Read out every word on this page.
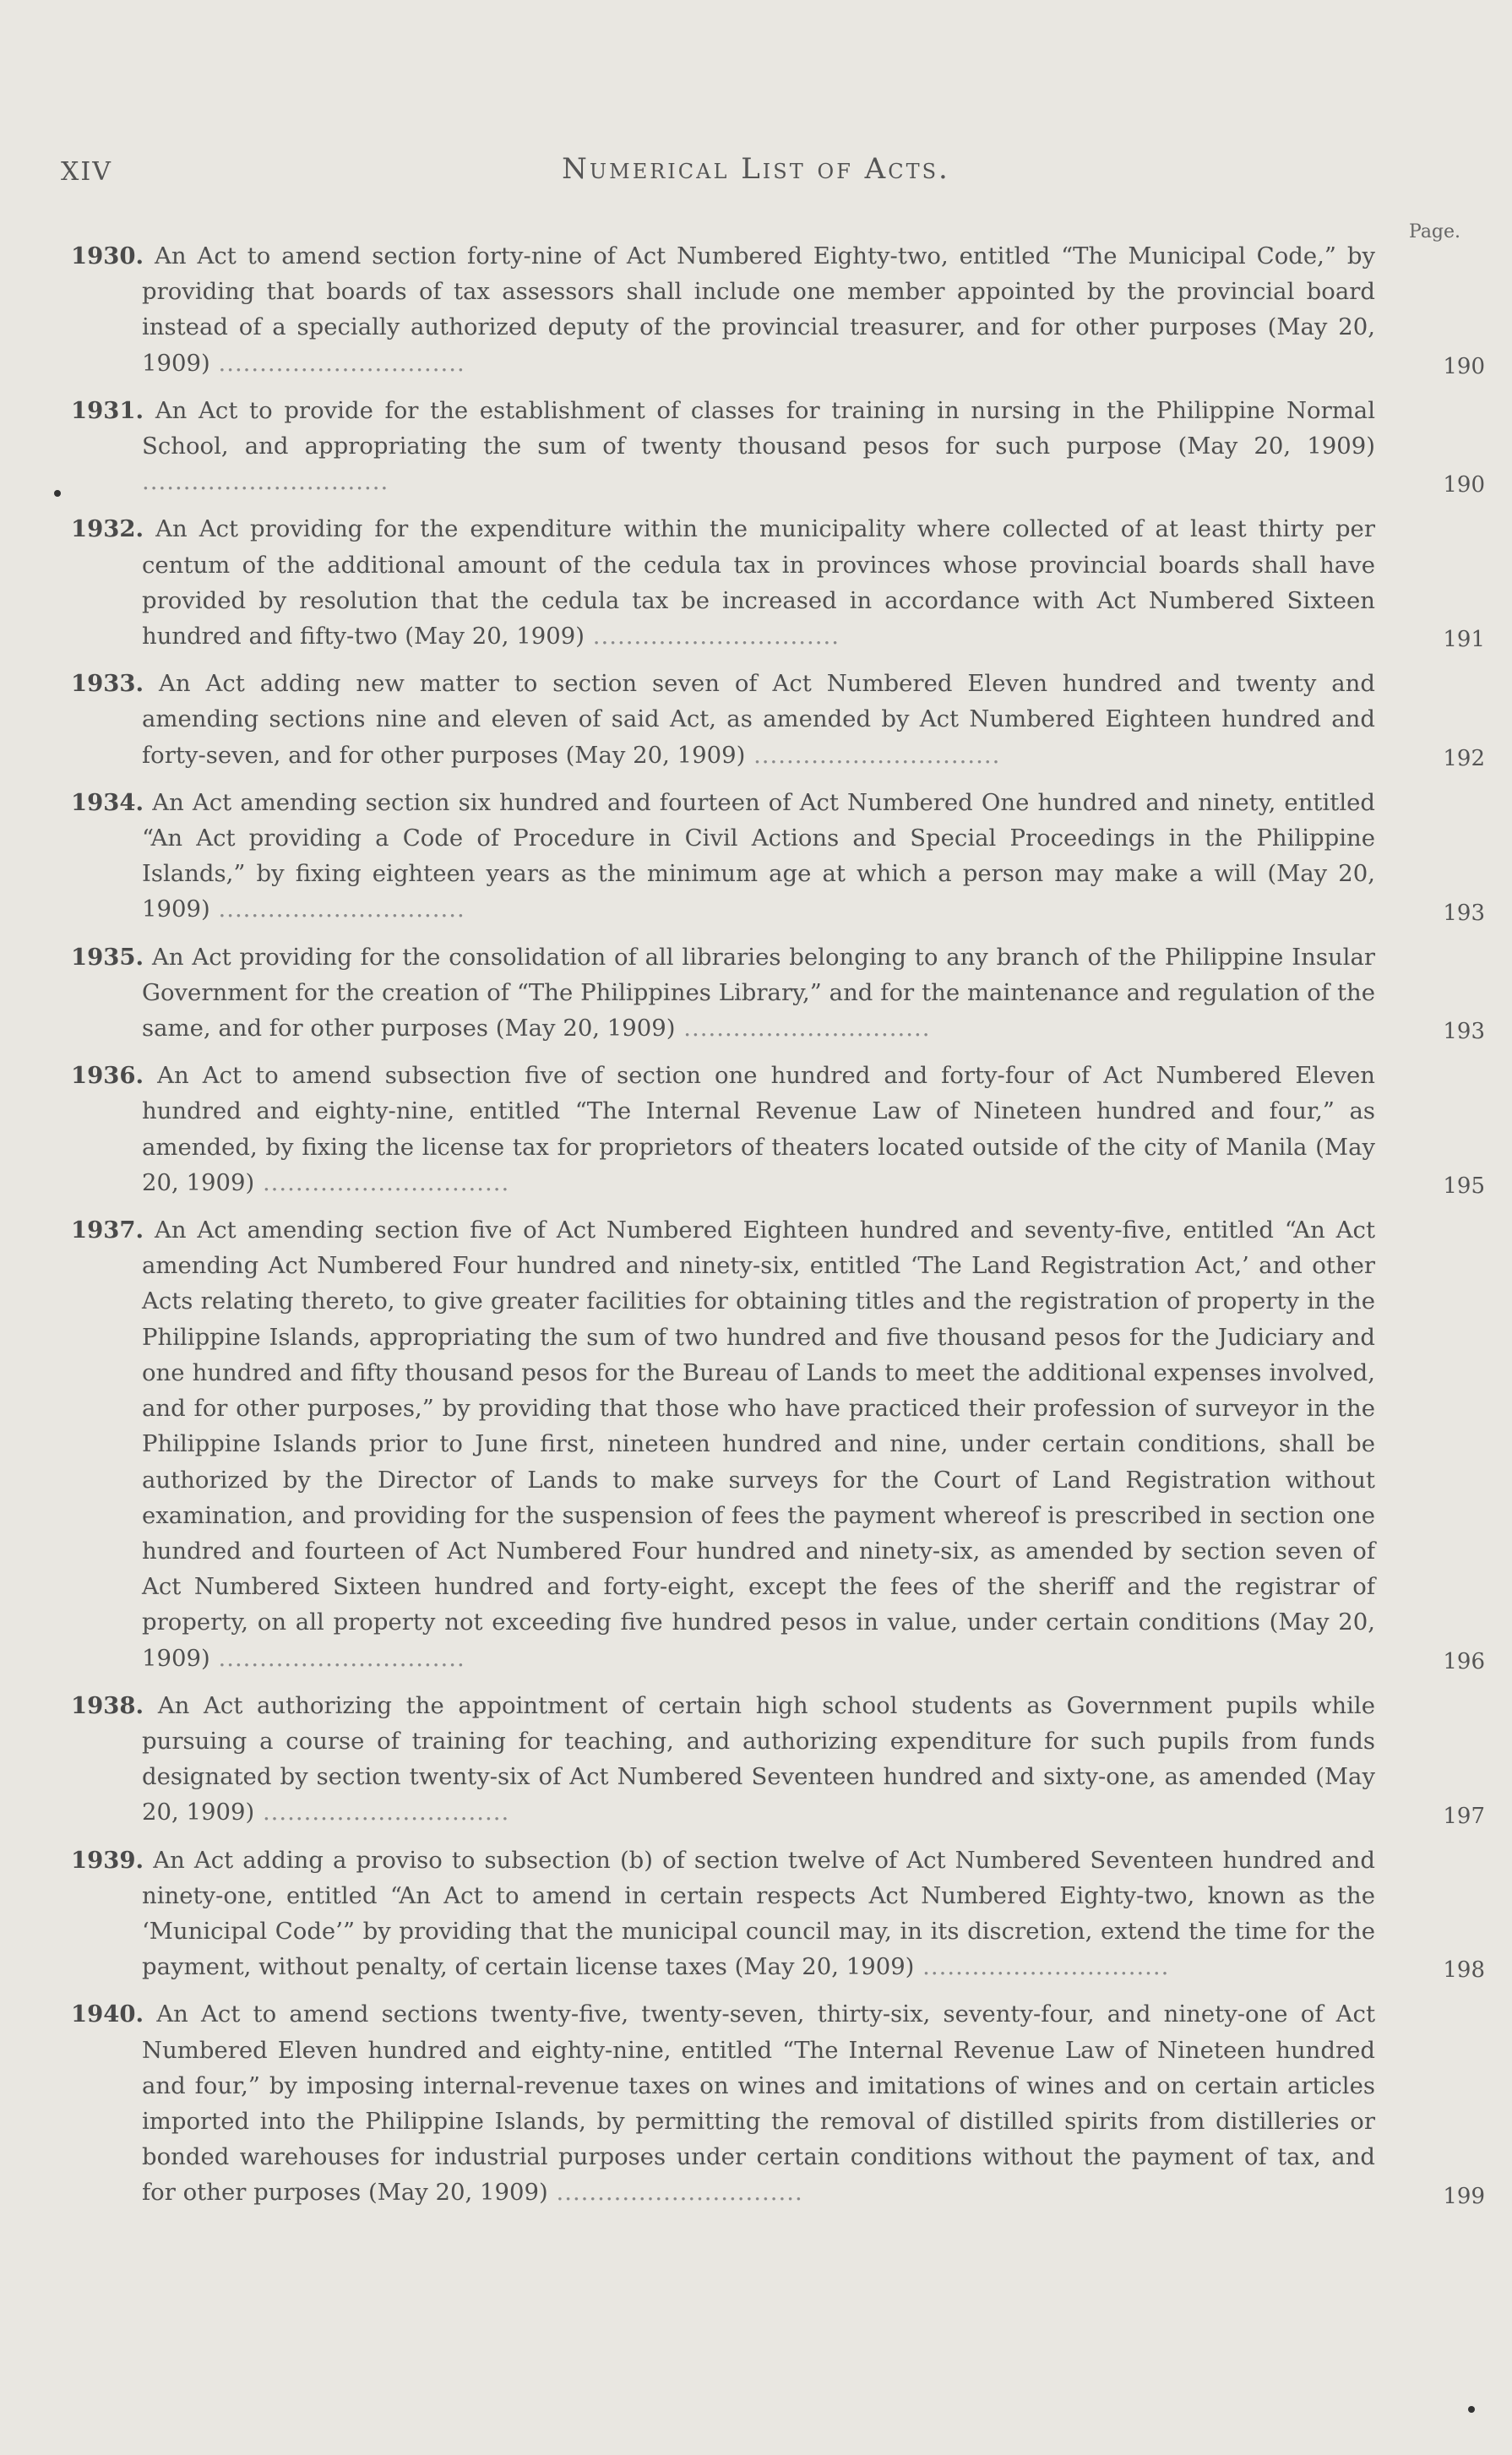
XIV	Numerical List of Acts.
Page.
1930. An Act to amend section forty-nine of Act Numbered Eighty-two, entitled “The Municipal Code,” by providing that boards of tax assessors shall include one member appointed by the provincial board instead of a specially authorized deputy of the provincial treasurer, and for other purposes (May 20, 1909) ..............................	190
1931. An Act to provide for the establishment of classes for training in nursing in the Philippine Normal School, and appropriating the sum of twenty thousand pesos for such purpose (May 20, 1909) ..............................	190
1932. An Act providing for the expenditure within the municipality where collected of at least thirty per centum of the additional amount of the cedula tax in provinces whose provincial boards shall have provided by resolution that the cedula tax be increased in accordance with Act Numbered Sixteen hundred and fifty-two (May 20, 1909) ..............................	191
1933. An Act adding new matter to section seven of Act Numbered Eleven hundred and twenty and amending sections nine and eleven of said Act, as amended by Act Numbered Eighteen hundred and forty-seven, and for other purposes (May 20, 1909) ..............................	192
1934. An Act amending section six hundred and fourteen of Act Numbered One hundred and ninety, entitled “An Act providing a Code of Procedure in Civil Actions and Special Proceedings in the Philippine Islands,” by fixing eighteen years as the minimum age at which a person may make a will (May 20, 1909) ..............................	193
1935. An Act providing for the consolidation of all libraries belonging to any branch of the Philippine Insular Government for the creation of “The Philippines Library,” and for the maintenance and regulation of the same, and for other purposes (May 20, 1909) ..............................	193
1936. An Act to amend subsection five of section one hundred and forty-four of Act Numbered Eleven hundred and eighty-nine, entitled “The Internal Revenue Law of Nineteen hundred and four,” as amended, by fixing the license tax for proprietors of theaters located outside of the city of Manila (May 20, 1909) ..............................	195
1937. An Act amending section five of Act Numbered Eighteen hundred and seventy-five, entitled “An Act amending Act Numbered Four hundred and ninety-six, entitled ‘The Land Registration Act,’ and other Acts relating thereto, to give greater facilities for obtaining titles and the registration of property in the Philippine Islands, appropriating the sum of two hundred and five thousand pesos for the Judiciary and one hundred and fifty thousand pesos for the Bureau of Lands to meet the additional expenses involved, and for other purposes,” by providing that those who have practiced their profession of surveyor in the Philippine Islands prior to June first, nineteen hundred and nine, under certain conditions, shall be authorized by the Director of Lands to make surveys for the Court of Land Registration without examination, and providing for the suspension of fees the payment whereof is prescribed in section one hundred and fourteen of Act Numbered Four hundred and ninety-six, as amended by section seven of Act Numbered Sixteen hundred and forty-eight, except the fees of the sheriff and the registrar of property, on all property not exceeding five hundred pesos in value, under certain conditions (May 20, 1909) ..............................	196
1938. An Act authorizing the appointment of certain high school students as Government pupils while pursuing a course of training for teaching, and authorizing expenditure for such pupils from funds designated by section twenty-six of Act Numbered Seventeen hundred and sixty-one, as amended (May 20, 1909) ..............................	197
1939. An Act adding a proviso to subsection (b) of section twelve of Act Numbered Seventeen hundred and ninety-one, entitled “An Act to amend in certain respects Act Numbered Eighty-two, known as the ‘Municipal Code’” by providing that the municipal council may, in its discretion, extend the time for the payment, without penalty, of certain license taxes (May 20, 1909) ..............................	198
1940. An Act to amend sections twenty-five, twenty-seven, thirty-six, seventy-four, and ninety-one of Act Numbered Eleven hundred and eighty-nine, entitled “The Internal Revenue Law of Nineteen hundred and four,” by imposing internal-revenue taxes on wines and imitations of wines and on certain articles imported into the Philippine Islands, by permitting the removal of distilled spirits from distilleries or bonded warehouses for industrial purposes under certain conditions without the payment of tax, and for other purposes (May 20, 1909) ..............................	199
